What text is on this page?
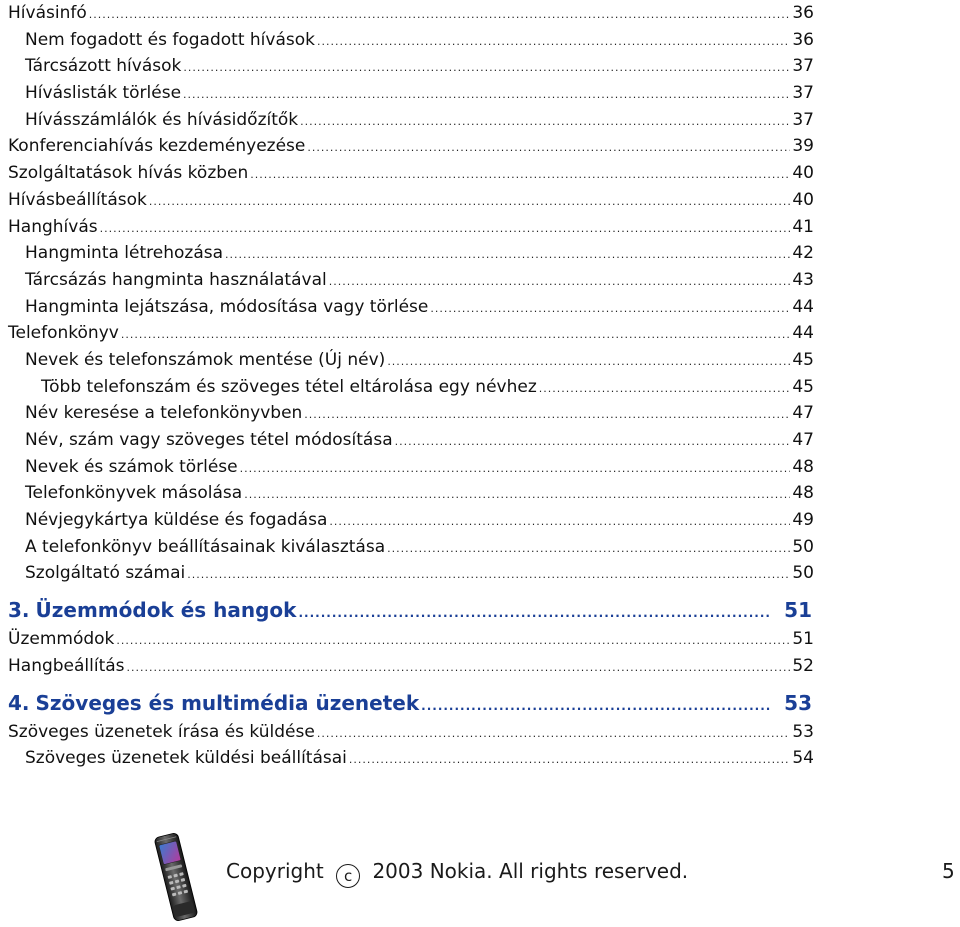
Hívásinfó .....	36
Nem fogadott és fogadott hívások .....	36
Tárcsázott hívások .....	37
Híváslisták törlése .....	37
Hívásszámlálók és hívásidőzítők .....	37
Konferenciahívás kezdeményezése .....	39
Szolgáltatások hívás közben .....	40
Hívásbeállítások .....	40
Hanghívás .....	41
Hangminta létrehozása .....	42
Tárcsázás hangminta használatával .....	43
Hangminta lejátszása, módosítása vagy törlése .....	44
Telefonkönyv .....	44
Nevek és telefonszámok mentése (Új név) .....	45
Több telefonszám és szöveges tétel eltárolása egy névhez .....	45
Név keresése a telefonkönyvben .....	47
Név, szám vagy szöveges tétel módosítása .....	47
Nevek és számok törlése .....	48
Telefonkönyvek másolása .....	48
Névjegykártya küldése és fogadása .....	49
A telefonkönyv beállításainak kiválasztása .....	50
Szolgáltató számai .....	50
3. Üzemmódok és hangok .....	51
Üzemmódok .....	51
Hangbeállítás .....	52
4. Szöveges és multimédia üzenetek .....	53
Szöveges üzenetek írása és küldése .....	53
Szöveges üzenetek küldési beállításai .....	54
Copyright c 2003 Nokia. All rights reserved.	5
